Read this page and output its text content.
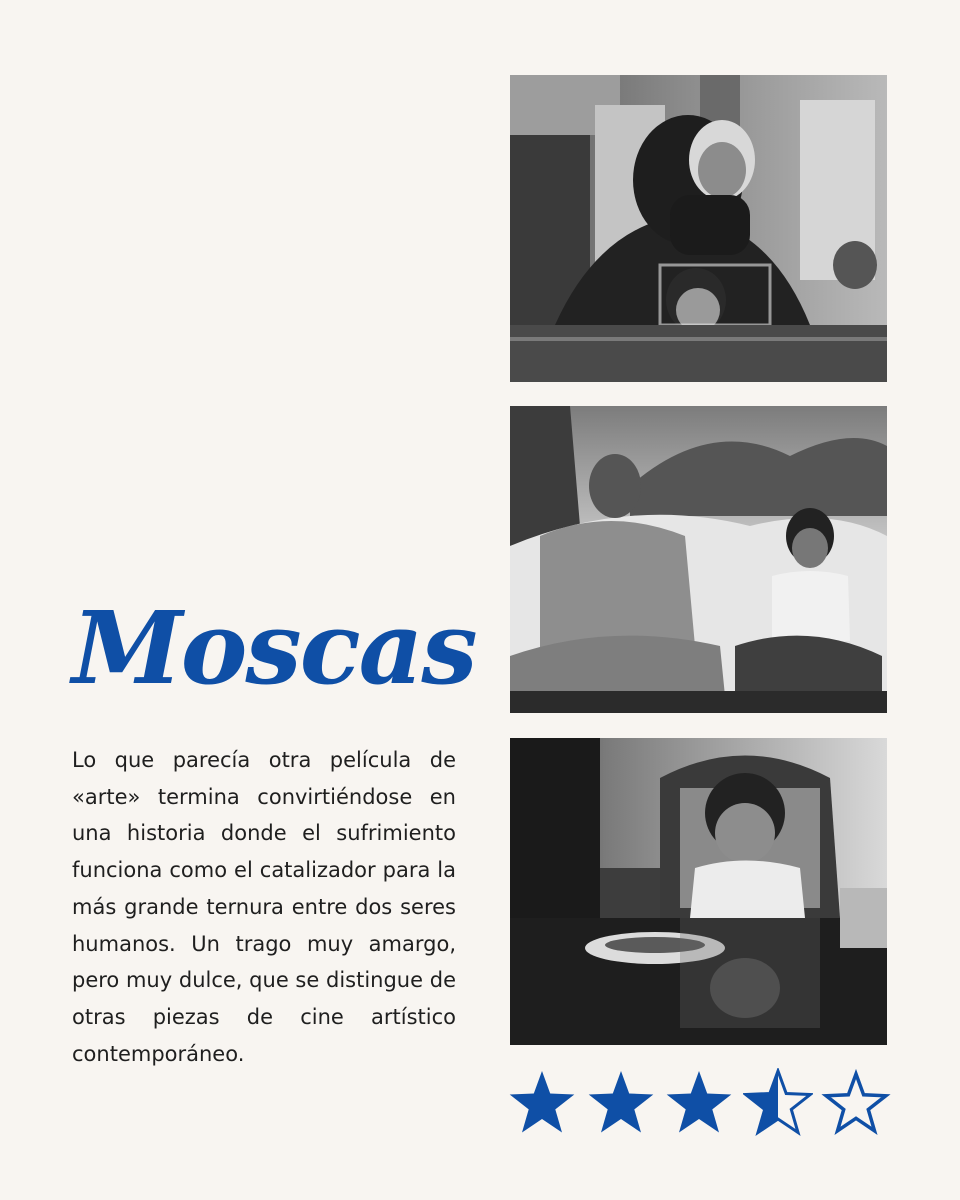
Moscas

Lo que parecía otra película de «arte» termina convirtiéndose en una historia donde el sufrimiento funciona como el catalizador para la más grande ternura entre dos seres humanos. Un trago muy amargo, pero muy dulce, que se distingue de otras piezas de cine artístico contemporáneo.
